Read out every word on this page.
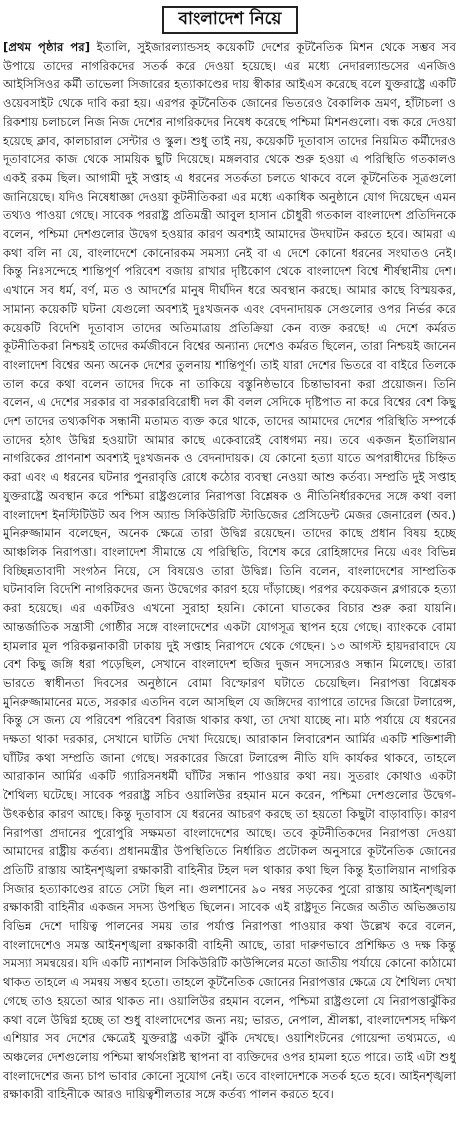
বাংলাদেশ নিয়ে

[প্রথম পৃষ্ঠার পর] ইতালি, সুইজারল্যান্ডসহ কয়েকটি দেশের কূটনৈতিক মিশন থেকে সম্ভব সব উপায়ে তাদের নাগরিকদের সতর্ক করে দেওয়া হয়েছে। এর মধ্যে নেদারল্যান্ডসের এনজিও আইসিসিওর কর্মী তাভেলা সিজারের হত্যাকাণ্ডের দায় স্বীকার আইএস করেছে বলে যুক্তরাষ্ট্রে একটি ওয়েবসাইট থেকে দাবি করা হয়। এরপর কূটনৈতিক জোনের ভিতরেও বৈকালিক ভ্রমণ, হাঁটাচলা ও রিকশায় চলাচলে নিজ নিজ দেশের নাগরিকদের নিষেধ করেছে পশ্চিমা মিশনগুলো। বন্ধ করে দেওয়া হয়েছে ক্লাব, কালচারাল সেন্টার ও স্কুল। শুধু তাই নয়, কয়েকটি দূতাবাস তাদের নিয়মিত কর্মীদেরও দূতাবাসের কাজ থেকে সাময়িক ছুটি দিয়েছে। মঙ্গলবার থেকে শুরু হওয়া এ পরিস্থিতি গতকালও একই রকম ছিল। আগামী দুই সপ্তাহ এ ধরনের সতর্কতা চলতে থাকবে বলে কূটনৈতিক সূত্রগুলো জানিয়েছে। যদিও নিষেধাজ্ঞা দেওয়া কূটনীতিকরা এর মধ্যে একাধিক অনুষ্ঠানে যোগ দিয়েছেন এমন তথ্যও পাওয়া গেছে। সাবেক পররাষ্ট্র প্রতিমন্ত্রী আবুল হাসান চৌধুরী গতকাল বাংলাদেশ প্রতিদিনকে বলেন, পশ্চিমা দেশগুলোর উদ্বেগ হওয়ার কারণ অবশ্যই আমাদের উদঘাটন করতে হবে। আমরা এ কথা বলি না যে, বাংলাদেশে কোনোরকম সমস্যা নেই বা এ দেশে কোনো ধরনের সংঘাতও নেই। কিন্তু নিঃসন্দেহে শান্তিপূর্ণ পরিবেশ বজায় রাখার দৃষ্টিকোণ থেকে বাংলাদেশ বিশ্বে শীর্ষস্থানীয় দেশ। এখানে সব ধর্ম, বর্ণ, মত ও আদর্শের মানুষ দীর্ঘদিন ধরে অবস্থান করছে। আমার কাছে বিস্ময়কর, সামান্য কয়েকটি ঘটনা যেগুলো অবশ্যই দুঃখজনক এবং বেদনাদায়ক সেগুলোর ওপর নির্ভর করে কয়েকটি বিদেশি দূতাবাস তাদের অতিমাত্রায় প্রতিক্রিয়া কেন ব্যক্ত করছে! এ দেশে কর্মরত কূটনীতিকরা নিশ্চয়ই তাদের কর্মজীবনে বিশ্বের অন্যান্য দেশেও কর্মরত ছিলেন, তারা নিশ্চয়ই জানেন বাংলাদেশ বিশ্বের অন্য অনেক দেশের তুলনায় শান্তিপূর্ণ। তাই যারা দেশের ভিতরে বা বাইরে তিলকে তাল করে কথা বলেন তাদের দিকে না তাকিয়ে বস্তুনিষ্ঠভাবে চিন্তাভাবনা করা প্রয়োজন। তিনি বলেন, এ দেশের সরকার বা সরকারবিরোধী দল কী বলল সেদিকে দৃষ্টিপাত না করে বিশ্বের বেশ কিছু দেশ তাদের তথ্যকণিক সন্ধানী মতামত ব্যক্ত করে থাকে, তাদের আমাদের দেশের পরিস্থিতি সম্পর্কে তাদের হঠাৎ উদ্বিগ্ন হওয়াটা আমার কাছে একেবারেই বোধগম্য নয়। তবে একজন ইতালিয়ান নাগরিকের প্রাণনাশ অবশ্যই দুঃখজনক ও বেদনাদায়ক। যে কোনো হত্যা যাতে অপরাধীদের চিহ্নিত করা এবং এ ধরনের ঘটনার পুনরাবৃত্তি রোধে কঠোর ব্যবস্থা নেওয়া আশু কর্তব্য। সম্প্রতি দুই সপ্তাহ যুক্তরাষ্ট্রে অবস্থান করে পশ্চিমা রাষ্ট্রগুলোর নিরাপত্তা বিশ্লেষক ও নীতিনির্ধারকদের সঙ্গে কথা বলা বাংলাদেশ ইনস্টিটিউট অব পিস অ্যান্ড সিকিউরিটি স্টাডিজের প্রেসিডেন্ট মেজর জেনারেল (অব.) মুনিরুজ্জামান বলেছেন, অনেক ক্ষেত্রে তারা উদ্বিগ্ন রয়েছেন। তাদের কাছে প্রধান বিষয় হচ্ছে আঞ্চলিক নিরাপত্তা। বাংলাদেশ সীমান্তে যে পরিস্থিতি, বিশেষ করে রোহিঙ্গাদের নিয়ে এবং বিভিন্ন বিচ্ছিন্নতাবাদী সংগঠন নিয়ে, সে বিষয়েও তারা উদ্বিগ্ন। তিনি বলেন, বাংলাদেশের সাম্প্রতিক ঘটনাবলি বিদেশি নাগরিকদের জন্য উদ্বেগের কারণ হয়ে দাঁড়াচ্ছে। পরপর কয়েকজন ব্লগারকে হত্যা করা হয়েছে। এর একটিরও এখনো সুরাহা হয়নি। কোনো ঘাতকের বিচার শুরু করা যায়নি। আন্তর্জাতিক সন্ত্রাসী গোষ্ঠীর সঙ্গে বাংলাদেশের একটা যোগসূত্র স্থাপন হয়ে গেছে। ব্যাংককে বোমা হামলার মূল পরিকল্পনাকারী ঢাকায় দুই সপ্তাহ নিরাপদে থেকে গেছেন। ১৩ আগস্ট হায়দরাবাদে যে বেশ কিছু জঙ্গি ধরা পড়েছিল, সেখানে বাংলাদেশ হুজির দুজন সদস্যেরও সন্ধান মিলেছে। তারা ভারতে স্বাধীনতা দিবসের অনুষ্ঠানে বোমা বিস্ফোরণ ঘটাতে চেয়েছিল। নিরাপত্তা বিশ্লেষক মুনিরুজ্জামানের মতে, সরকার এতদিন বলে আসছিল যে জঙ্গিদের ব্যাপারে তাদের জিরো টলারেন্স, কিন্তু সে জন্য যে পরিবেশ পরিবেশ বিরাজ থাকার কথা, তা দেখা যাচ্ছে না। মাঠ পর্যায়ে যে ধরনের দক্ষতা থাকা দরকার, সেখানে ঘাটতি দেখা দিয়েছে। আরাকান লিবারেশন আর্মির একটি শক্তিশালী ঘাঁটির কথা সম্প্রতি জানা গেছে। সরকারের জিরো টলারেন্স নীতি যদি কার্যকর থাকবে, তাহলে আরাকান আর্মির একটি গ্যারিসনধর্মী ঘাঁটির সন্ধান পাওয়ার কথা নয়। সুতরাং কোথাও একটা শৈথিল্য ঘটেছে। সাবেক পররাষ্ট্র সচিব ওয়ালিউর রহমান মনে করেন, পশ্চিমা দেশগুলোর উদ্বেগ-উৎকণ্ঠার কারণ আছে। কিন্তু দূতাবাস যে ধরনের আচরণ করছে তা হয়তো কিছুটা বাড়াবাড়ি। কারণ নিরাপত্তা প্রদানের পুরোপুরি সক্ষমতা বাংলাদেশের আছে। তবে কূটনীতিকদের নিরাপত্তা দেওয়া আমাদের রাষ্ট্রীয় কর্তব্য। প্রধানমন্ত্রীর উপস্থিতিতে নির্ধারিত প্রটোকল অনুসারে কূটনৈতিক জোনের প্রতিটি রাস্তায় আইনশৃঙ্খলা রক্ষাকারী বাহিনীর টহল দল থাকার কথা ছিল কিন্তু ইতালিয়ান নাগরিক সিজার হত্যাকাণ্ডের রাতে সেটা ছিল না। গুলশানের ৯০ নম্বর সড়কের পুরো রাস্তায় আইনশৃঙ্খলা রক্ষাকারী বাহিনীর একজন সদস্য উপস্থিত ছিলেন। সাবেক এই রাষ্ট্রদূত নিজের অতীত অভিজ্ঞতায় বিভিন্ন দেশে দায়িত্ব পালনের সময় তার পর্যাপ্ত নিরাপত্তা পাওয়ার কথা উল্লেখ করে বলেন, বাংলাদেশেও সমস্ত আইনশৃঙ্খলা রক্ষাকারী বাহিনী আছে, তারা দারুণভাবে প্রশিক্ষিত ও দক্ষ কিন্তু সমস্যা সমন্বয়ের। যদি একটি ন্যাশনাল সিকিউরিটি কাউন্সিলের মতো জাতীয় পর্যায়ে কোনো কাঠামো থাকত তাহলে এ সমন্বয় সম্ভব হতো। তাহলে কূটনৈতিক জোনের নিরাপত্তার ক্ষেত্রে যে শৈথিল্য দেখা গেছে তাও হয়তো আর থাকত না। ওয়ালিউর রহমান বলেন, পশ্চিমা রাষ্ট্রগুলো যে নিরাপত্তাঝুঁকির কথা বলে উদ্বিগ্ন হচ্ছে তা শুধু বাংলাদেশের জন্য নয়; ভারত, নেপাল, শ্রীলঙ্কা, বাংলাদেশসহ দক্ষিণ এশিয়ার সব দেশের ক্ষেত্রেই যুক্তরাষ্ট্র একটা ঝুঁকি দেখছে। ওয়াশিংটনের গোয়েন্দা তথ্যমতে, এ অঞ্চলের দেশগুলোয় পশ্চিমা স্বার্থসংশ্লিষ্ট স্থাপনা বা ব্যক্তিদের ওপর হামলা হতে পারে। তাই এটা শুধু বাংলাদেশের জন্য চাপ ভাবার কোনো সুযোগ নেই। তবে বাংলাদেশকে সতর্ক হতে হবে। আইনশৃঙ্খলা রক্ষাকারী বাহিনীকে আরও দায়িত্বশীলতার সঙ্গে কর্তব্য পালন করতে হবে।
